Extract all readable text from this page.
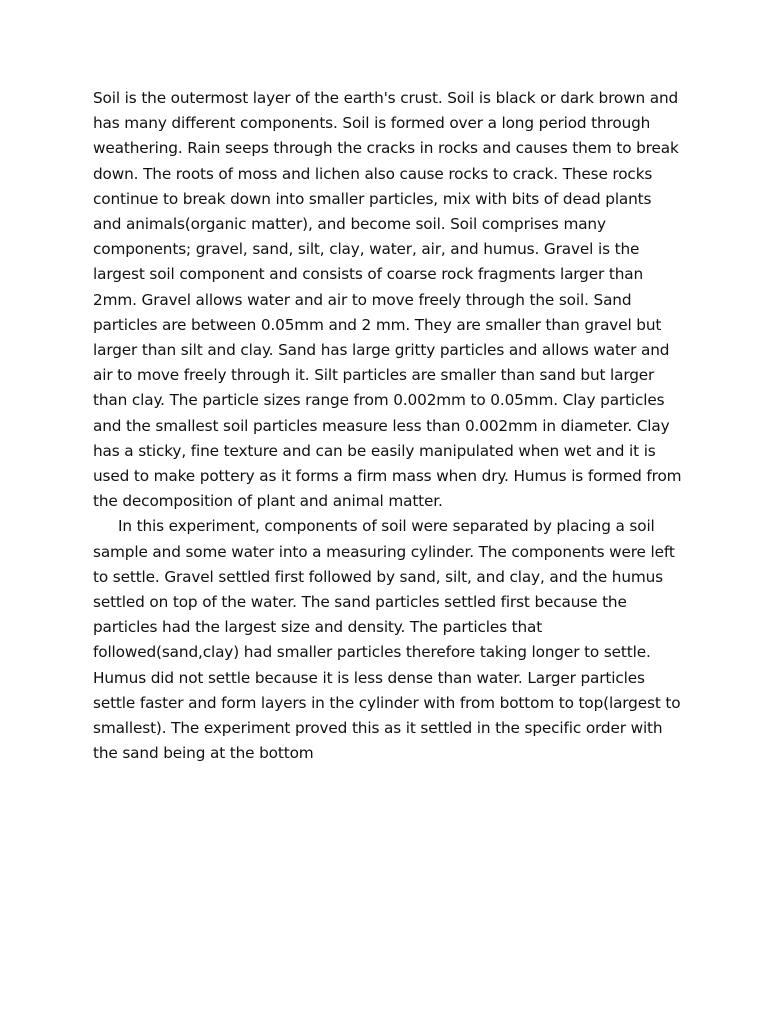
Soil is the outermost layer of the earth's crust. Soil is black or dark brown and has many different components. Soil is formed over a long period through weathering. Rain seeps through the cracks in rocks and causes them to break down. The roots of moss and lichen also cause rocks to crack. These rocks continue to break down into smaller particles, mix with bits of dead plants and animals(organic matter), and become soil. Soil comprises many components; gravel, sand, silt, clay, water, air, and humus. Gravel is the largest soil component and consists of coarse rock fragments larger than 2mm. Gravel allows water and air to move freely through the soil. Sand particles are between 0.05mm and 2 mm. They are smaller than gravel but larger than silt and clay. Sand has large gritty particles and allows water and air to move freely through it. Silt particles are smaller than sand but larger than clay. The particle sizes range from 0.002mm to 0.05mm. Clay particles and the smallest soil particles measure less than 0.002mm in diameter. Clay has a sticky, fine texture and can be easily manipulated when wet and it is used to make pottery as it forms a firm mass when dry. Humus is formed from the decomposition of plant and animal matter.

In this experiment, components of soil were separated by placing a soil sample and some water into a measuring cylinder. The components were left to settle. Gravel settled first followed by sand, silt, and clay, and the humus settled on top of the water. The sand particles settled first because the particles had the largest size and density. The particles that followed(sand,clay) had smaller particles therefore taking longer to settle. Humus did not settle because it is less dense than water. Larger particles settle faster and form layers in the cylinder with from bottom to top(largest to smallest). The experiment proved this as it settled in the specific order with the sand being at the bottom
